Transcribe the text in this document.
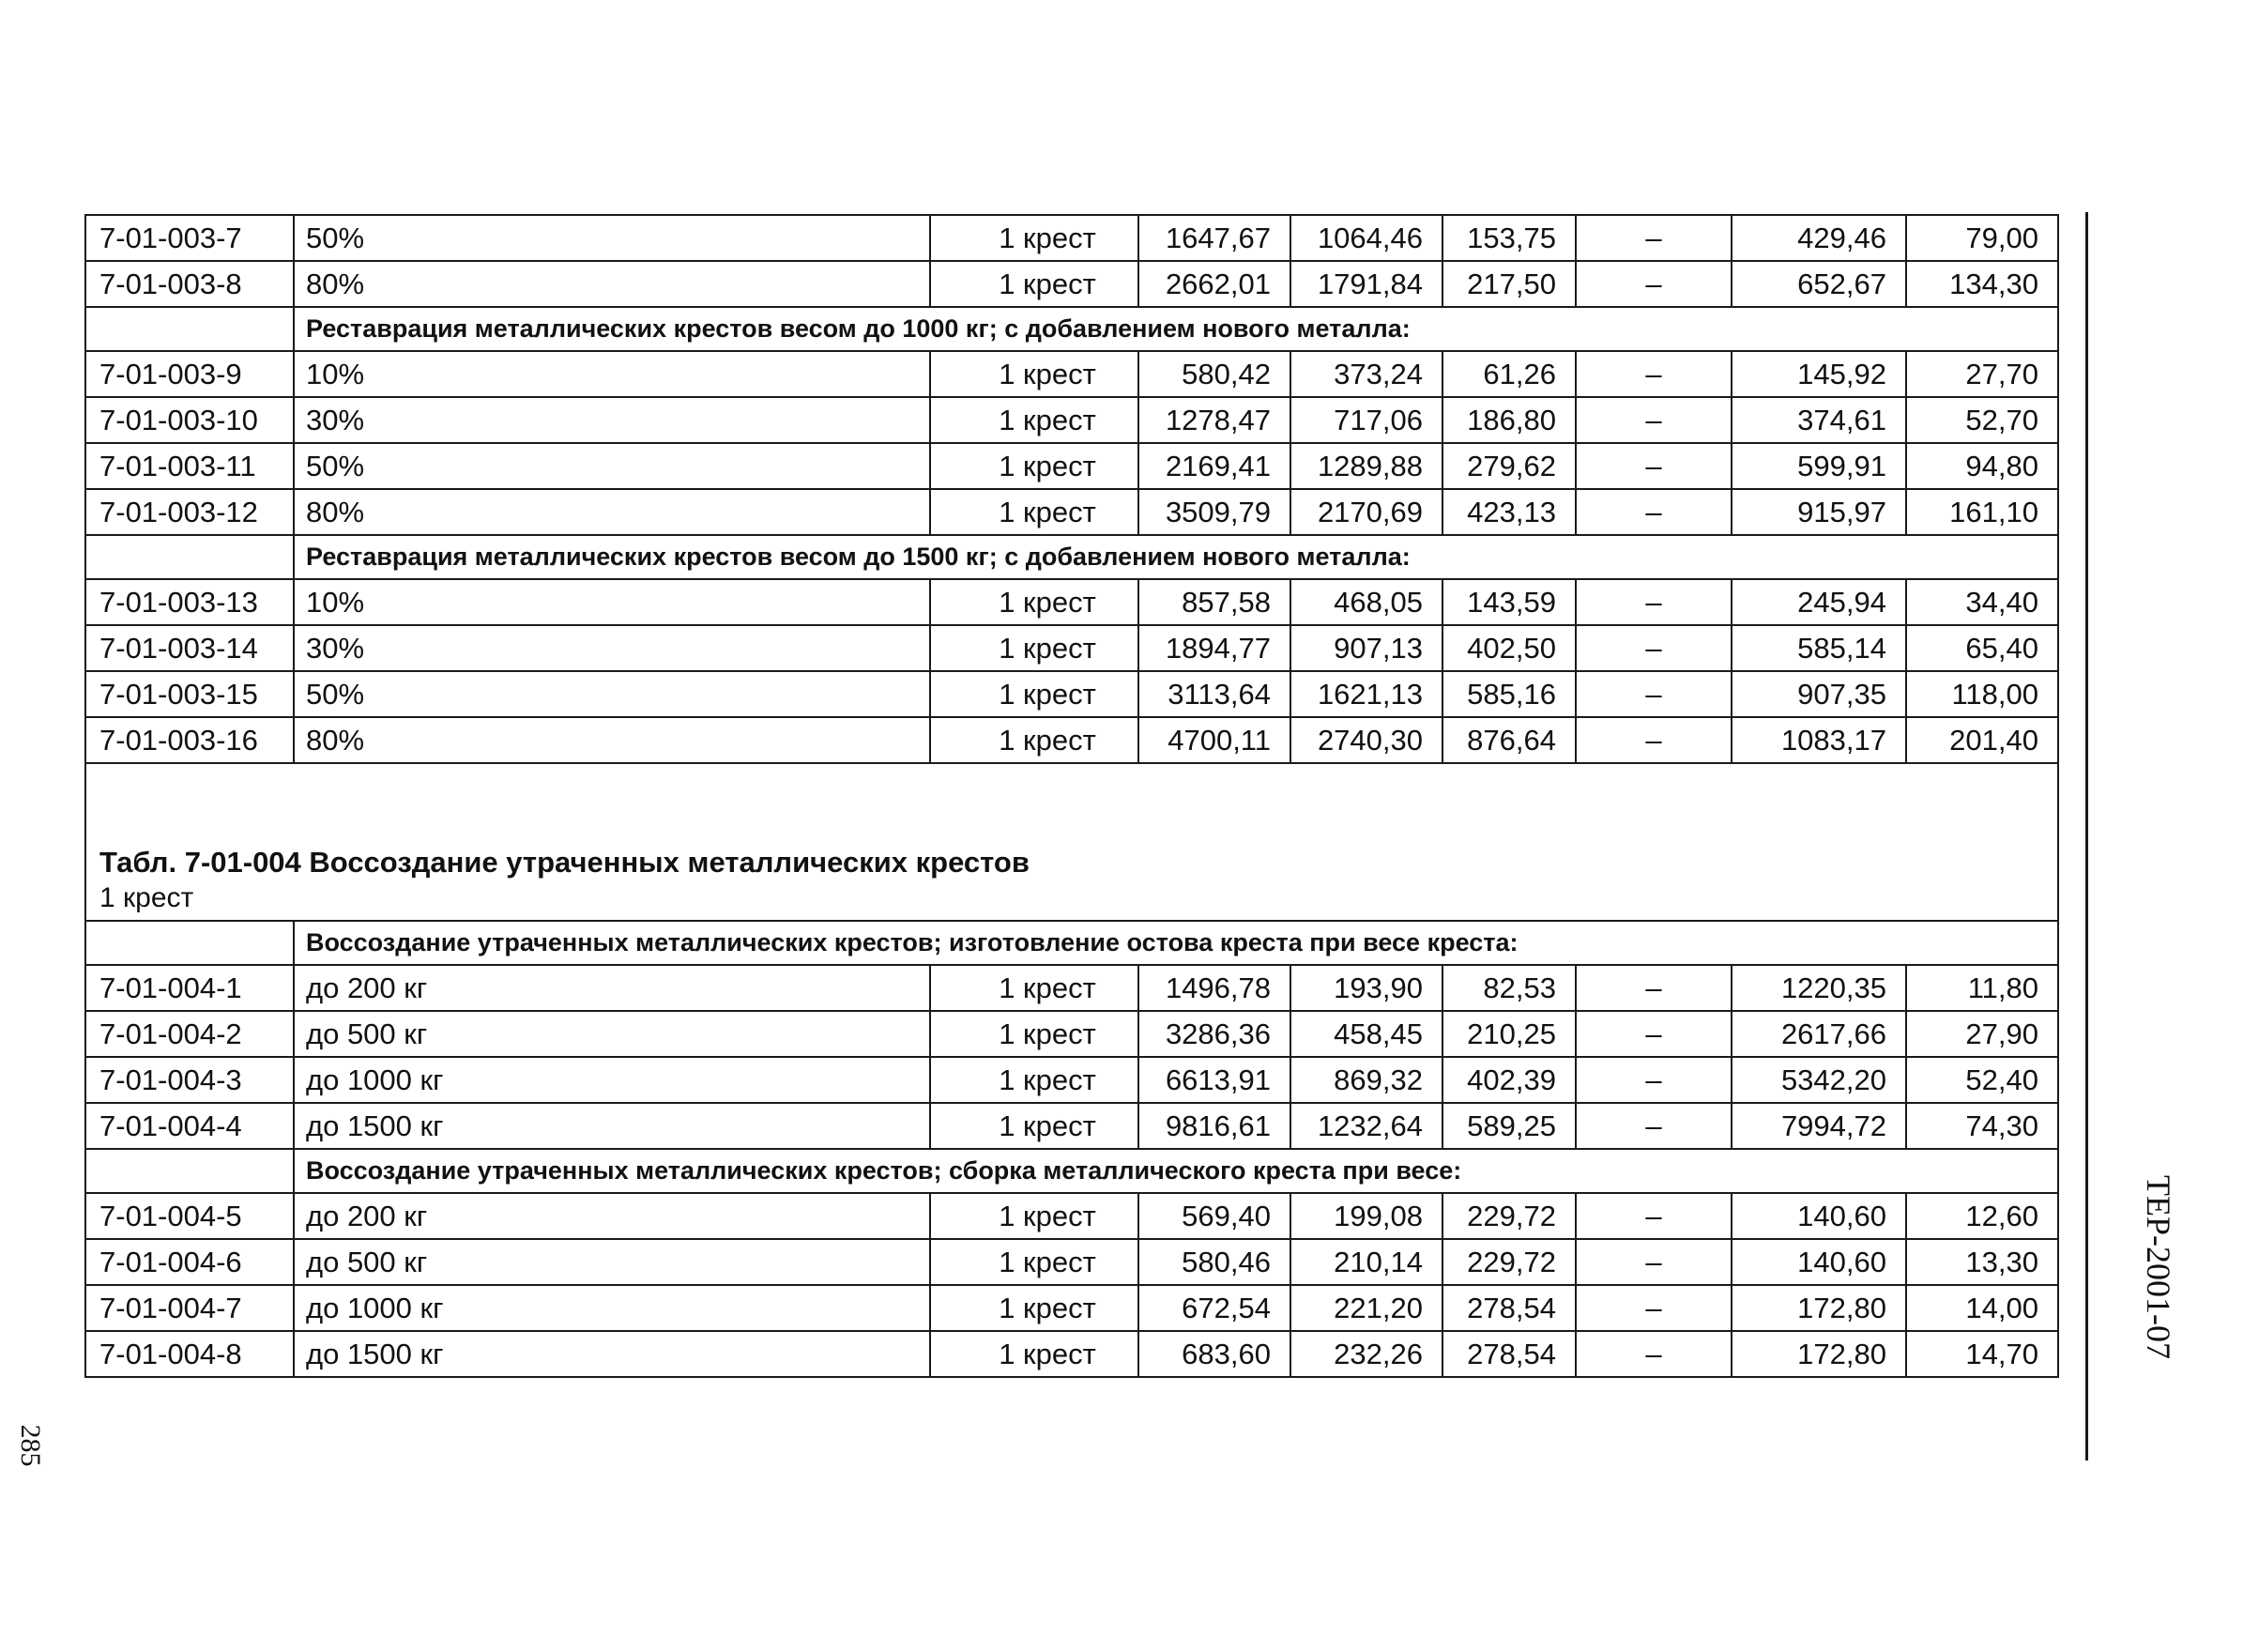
7-01-003-7	50%	1 крест	1647,67	1064,46	153,75	–	429,46	79,00
7-01-003-8	80%	1 крест	2662,01	1791,84	217,50	–	652,67	134,30
	Реставрация металлических крестов весом до 1000 кг; с добавлением нового металла:							
7-01-003-9	10%	1 крест	580,42	373,24	61,26	–	145,92	27,70
7-01-003-10	30%	1 крест	1278,47	717,06	186,80	–	374,61	52,70
7-01-003-11	50%	1 крест	2169,41	1289,88	279,62	–	599,91	94,80
7-01-003-12	80%	1 крест	3509,79	2170,69	423,13	–	915,97	161,10
	Реставрация металлических крестов весом до 1500 кг; с добавлением нового металла:							
7-01-003-13	10%	1 крест	857,58	468,05	143,59	–	245,94	34,40
7-01-003-14	30%	1 крест	1894,77	907,13	402,50	–	585,14	65,40
7-01-003-15	50%	1 крест	3113,64	1621,13	585,16	–	907,35	118,00
7-01-003-16	80%	1 крест	4700,11	2740,30	876,64	–	1083,17	201,40

Табл. 7-01-004 Воссоздание утраченных металлических крестов
1 крест								

	Воссоздание утраченных металлических крестов; изготовление остова креста при весе креста:							
7-01-004-1	до 200 кг	1 крест	1496,78	193,90	82,53	–	1220,35	11,80
7-01-004-2	до 500 кг	1 крест	3286,36	458,45	210,25	–	2617,66	27,90
7-01-004-3	до 1000 кг	1 крест	6613,91	869,32	402,39	–	5342,20	52,40
7-01-004-4	до 1500 кг	1 крест	9816,61	1232,64	589,25	–	7994,72	74,30
	Воссоздание утраченных металлических крестов; сборка металлического креста при весе:							
7-01-004-5	до 200 кг	1 крест	569,40	199,08	229,72	–	140,60	12,60
7-01-004-6	до 500 кг	1 крест	580,46	210,14	229,72	–	140,60	13,30
7-01-004-7	до 1000 кг	1 крест	672,54	221,20	278,54	–	172,80	14,00
7-01-004-8	до 1500 кг	1 крест	683,60	232,26	278,54	–	172,80	14,70	ТЕР-2001-07
285
